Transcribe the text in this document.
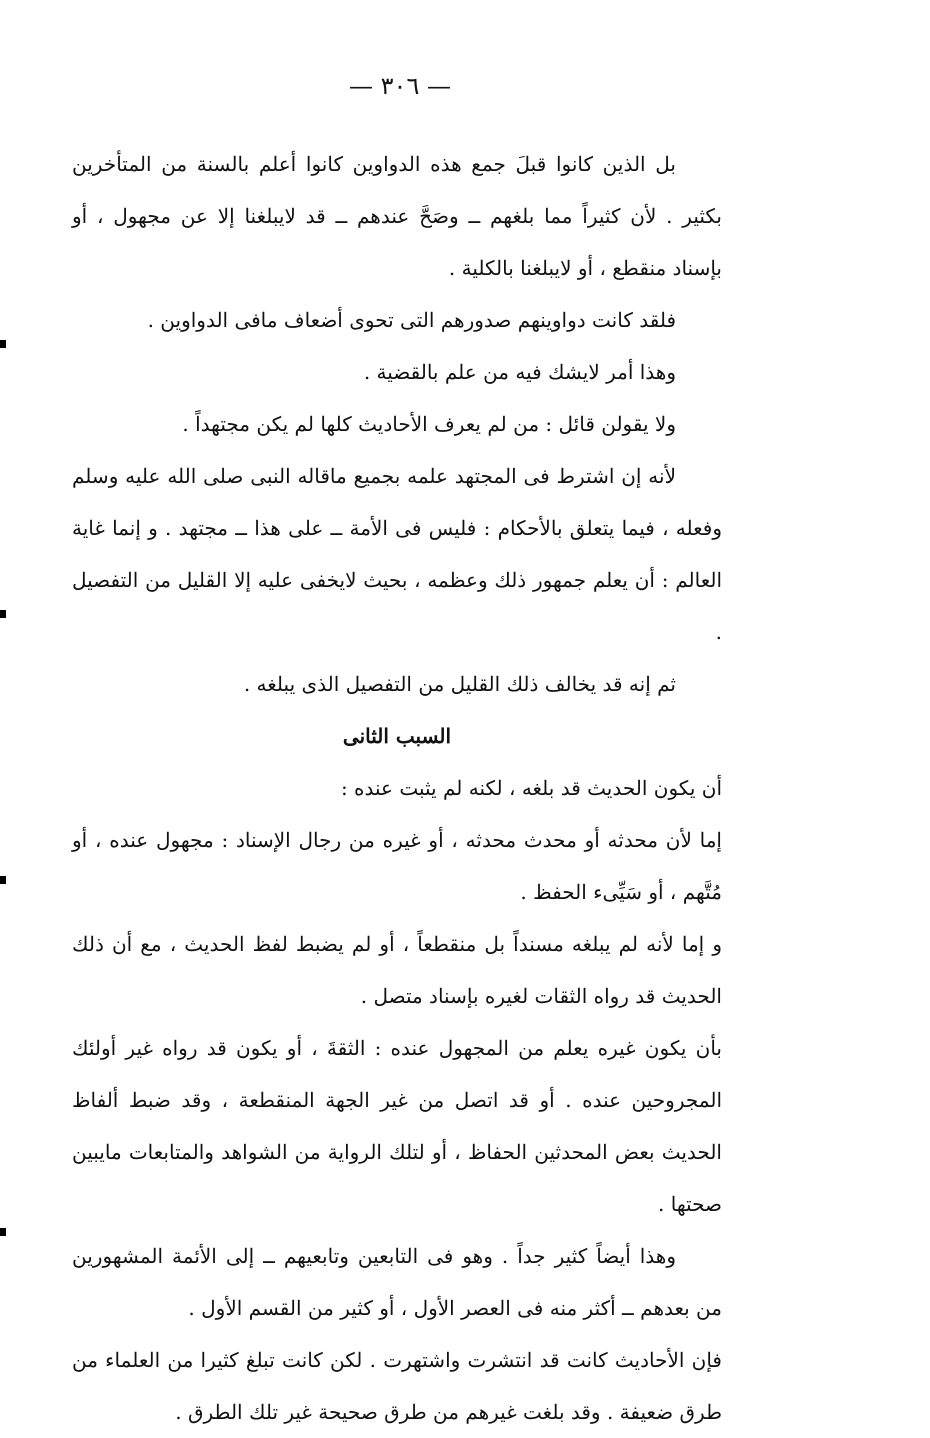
— ٣٠٦ —

بل الذين كانوا قبلَ جمع هذه الدواوين كانوا أعلم بالسنة من المتأخرين بكثير . لأن كثيراً مما بلغهم ــ وصَحَّ عندهم ــ قد لايبلغنا إلا عن مجهول ، أو بإسناد منقطع ، أو لايبلغنا بالكلية .

فلقد كانت دواوينهم صدورهم التى تحوى أضعاف مافى الدواوين .

وهذا أمر لايشك فيه من علم بالقضية .

ولا يقولن قائل : من لم يعرف الأحاديث كلها لم يكن مجتهداً .

لأنه إن اشترط فى المجتهد علمه بجميع ماقاله النبى صلى الله عليه وسلم وفعله ، فيما يتعلق بالأحكام : فليس فى الأمة ــ على هذا ــ مجتهد . و إنما غاية العالم : أن يعلم جمهور ذلك وعظمه ، بحيث لايخفى عليه إلا القليل من التفصيل .

ثم إنه قد يخالف ذلك القليل من التفصيل الذى يبلغه .

السبب الثانى

أن يكون الحديث قد بلغه ، لكنه لم يثبت عنده :

إما لأن محدثه أو محدث محدثه ، أو غيره من رجال الإسناد : مجهول عنده ، أو مُتَّهم ، أو سَيِّىء الحفظ .

و إما لأنه لم يبلغه مسنداً بل منقطعاً ، أو لم يضبط لفظ الحديث ، مع أن ذلك الحديث قد رواه الثقات لغيره بإسناد متصل .

بأن يكون غيره يعلم من المجهول عنده : الثقةَ ، أو يكون قد رواه غير أولئك المجروحين عنده . أو قد اتصل من غير الجهة المنقطعة ، وقد ضبط ألفاظ الحديث بعض المحدثين الحفاظ ، أو لتلك الرواية من الشواهد والمتابعات مايبين صحتها .

وهذا أيضاً كثير جداً . وهو فى التابعين وتابعيهم ــ إلى الأئمة المشهورين من بعدهم ــ أكثر منه فى العصر الأول ، أو كثير من القسم الأول .

فإن الأحاديث كانت قد انتشرت واشتهرت . لكن كانت تبلغ كثيرا من العلماء من طرق ضعيفة . وقد بلغت غيرهم من طرق صحيحة غير تلك الطرق .
